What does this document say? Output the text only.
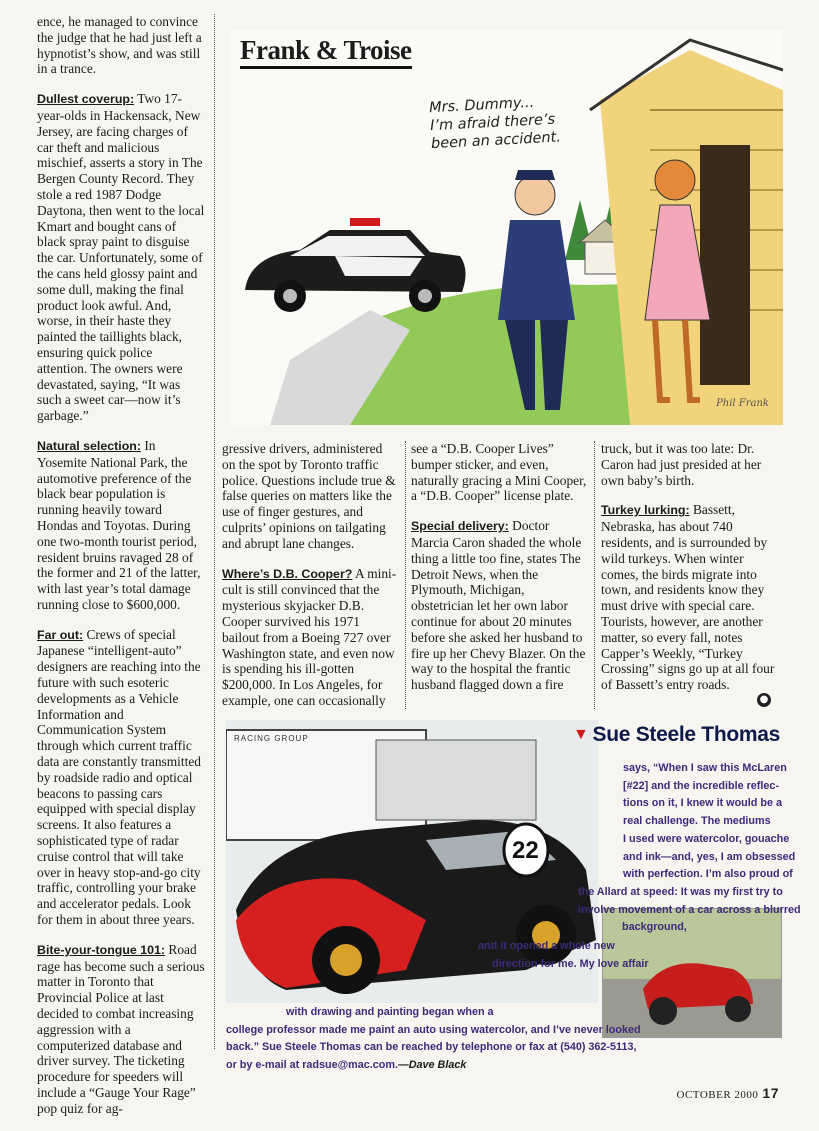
ence, he managed to convince the judge that he had just left a hypnotist’s show, and was still in a trance.

Dullest coverup: Two 17-year-olds in Hackensack, New Jersey, are facing charges of car theft and malicious mischief, asserts a story in The Bergen County Record. They stole a red 1987 Dodge Daytona, then went to the local Kmart and bought cans of black spray paint to disguise the car. Unfortunately, some of the cans held glossy paint and some dull, making the final product look awful. And, worse, in their haste they painted the taillights black, ensuring quick police attention. The owners were devastated, saying, “It was such a sweet car—now it’s garbage.”

Natural selection: In Yosemite National Park, the automotive preference of the black bear population is running heavily toward Hondas and Toyotas. During one two-month tourist period, resident bruins ravaged 28 of the former and 21 of the latter, with last year’s total damage running close to $600,000.

Far out: Crews of special Japanese “intelligent-auto” designers are reaching into the future with such esoteric developments as a Vehicle Information and Communication System through which current traffic data are constantly transmitted by roadside radio and optical beacons to passing cars equipped with special display screens. It also features a sophisticated type of radar cruise control that will take over in heavy stop-and-go city traffic, controlling your brake and accelerator pedals. Look for them in about three years.

Bite-your-tongue 101: Road rage has become such a serious matter in Toronto that Provincial Police at last decided to combat increasing aggression with a computerized database and driver survey. The ticketing procedure for speeders will include a “Gauge Your Rage” pop quiz for ag-

Frank & Troise
Mrs. Dummy...
I’m afraid there’s
been an accident.
Phil Frank

gressive drivers, administered on the spot by Toronto traffic police. Questions include true & false queries on matters like the use of finger gestures, and culprits’ opinions on tailgating and abrupt lane changes.

Where’s D.B. Cooper? A mini-cult is still convinced that the mysterious skyjacker D.B. Cooper survived his 1971 bailout from a Boeing 727 over Washington state, and even now is spending his ill-gotten $200,000. In Los Angeles, for example, one can occasionally

see a “D.B. Cooper Lives” bumper sticker, and even, naturally gracing a Mini Cooper, a “D.B. Cooper” license plate.

Special delivery: Doctor Marcia Caron shaded the whole thing a little too fine, states The Detroit News, when the Plymouth, Michigan, obstetrician let her own labor continue for about 20 minutes before she asked her husband to fire up her Chevy Blazer. On the way to the hospital the frantic husband flagged down a fire

truck, but it was too late: Dr. Caron had just presided at her own baby’s birth.

Turkey lurking: Bassett, Nebraska, has about 740 residents, and is surrounded by wild turkeys. When winter comes, the birds migrate into town, and residents know they must drive with special care. Tourists, however, are another matter, so every fall, notes Capper’s Weekly, “Turkey Crossing” signs go up at all four of Bassett’s entry roads.

●
22
RACING GROUP	▼ Sue Steele Thomas
says, “When I saw this McLaren
[#22] and the incredible reflec-
tions on it, I knew it would be a
real challenge. The mediums
I used were watercolor, gouache
and ink—and, yes, I am obsessed
with perfection. I’m also proud of
the Allard at speed: It was my first try to
involve movement of a car across a blurred
background,
and it opened a whole new
direction for me. My love affair
with drawing and painting began when a
college professor made me paint an auto using watercolor, and I’ve never looked
back.” Sue Steele Thomas can be reached by telephone or fax at (540) 362-5113,
or by e-mail at radsue@mac.com.—Dave Black
OCTOBER 2000 17
